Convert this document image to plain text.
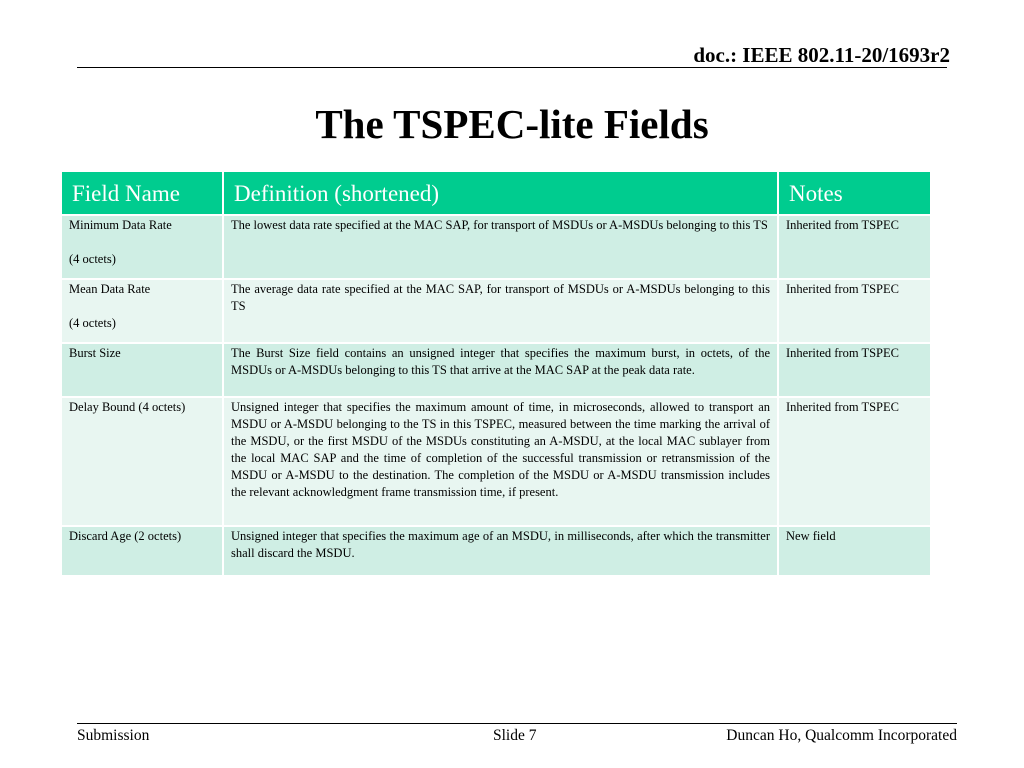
doc.: IEEE 802.11-20/1693r2
The TSPEC-lite Fields
Field Name	Definition (shortened)	Notes
Minimum Data Rate
(4 octets)	The lowest data rate specified at the MAC SAP, for transport of MSDUs or A-MSDUs belonging to this TS	Inherited from TSPEC
Mean Data Rate
(4 octets)	The average data rate specified at the MAC SAP, for transport of MSDUs or A-MSDUs belonging to this TS	Inherited from TSPEC
Burst Size	The Burst Size field contains an unsigned integer that specifies the maximum burst, in octets, of the MSDUs or A-MSDUs belonging to this TS that arrive at the MAC SAP at the peak data rate.	Inherited from TSPEC
Delay Bound (4 octets)	Unsigned integer that specifies the maximum amount of time, in microseconds, allowed to transport an MSDU or A-MSDU belonging to the TS in this TSPEC, measured between the time marking the arrival of the MSDU, or the first MSDU of the MSDUs constituting an A-MSDU, at the local MAC sublayer from the local MAC SAP and the time of completion of the successful transmission or retransmission of the MSDU or A-MSDU to the destination. The completion of the MSDU or A-MSDU transmission includes the relevant acknowledgment frame transmission time, if present.	Inherited from TSPEC
Discard Age (2 octets)	Unsigned integer that specifies the maximum age of an MSDU, in milliseconds, after which the transmitter shall discard the MSDU.	New field
Submission	Slide 7	Duncan Ho, Qualcomm Incorporated
